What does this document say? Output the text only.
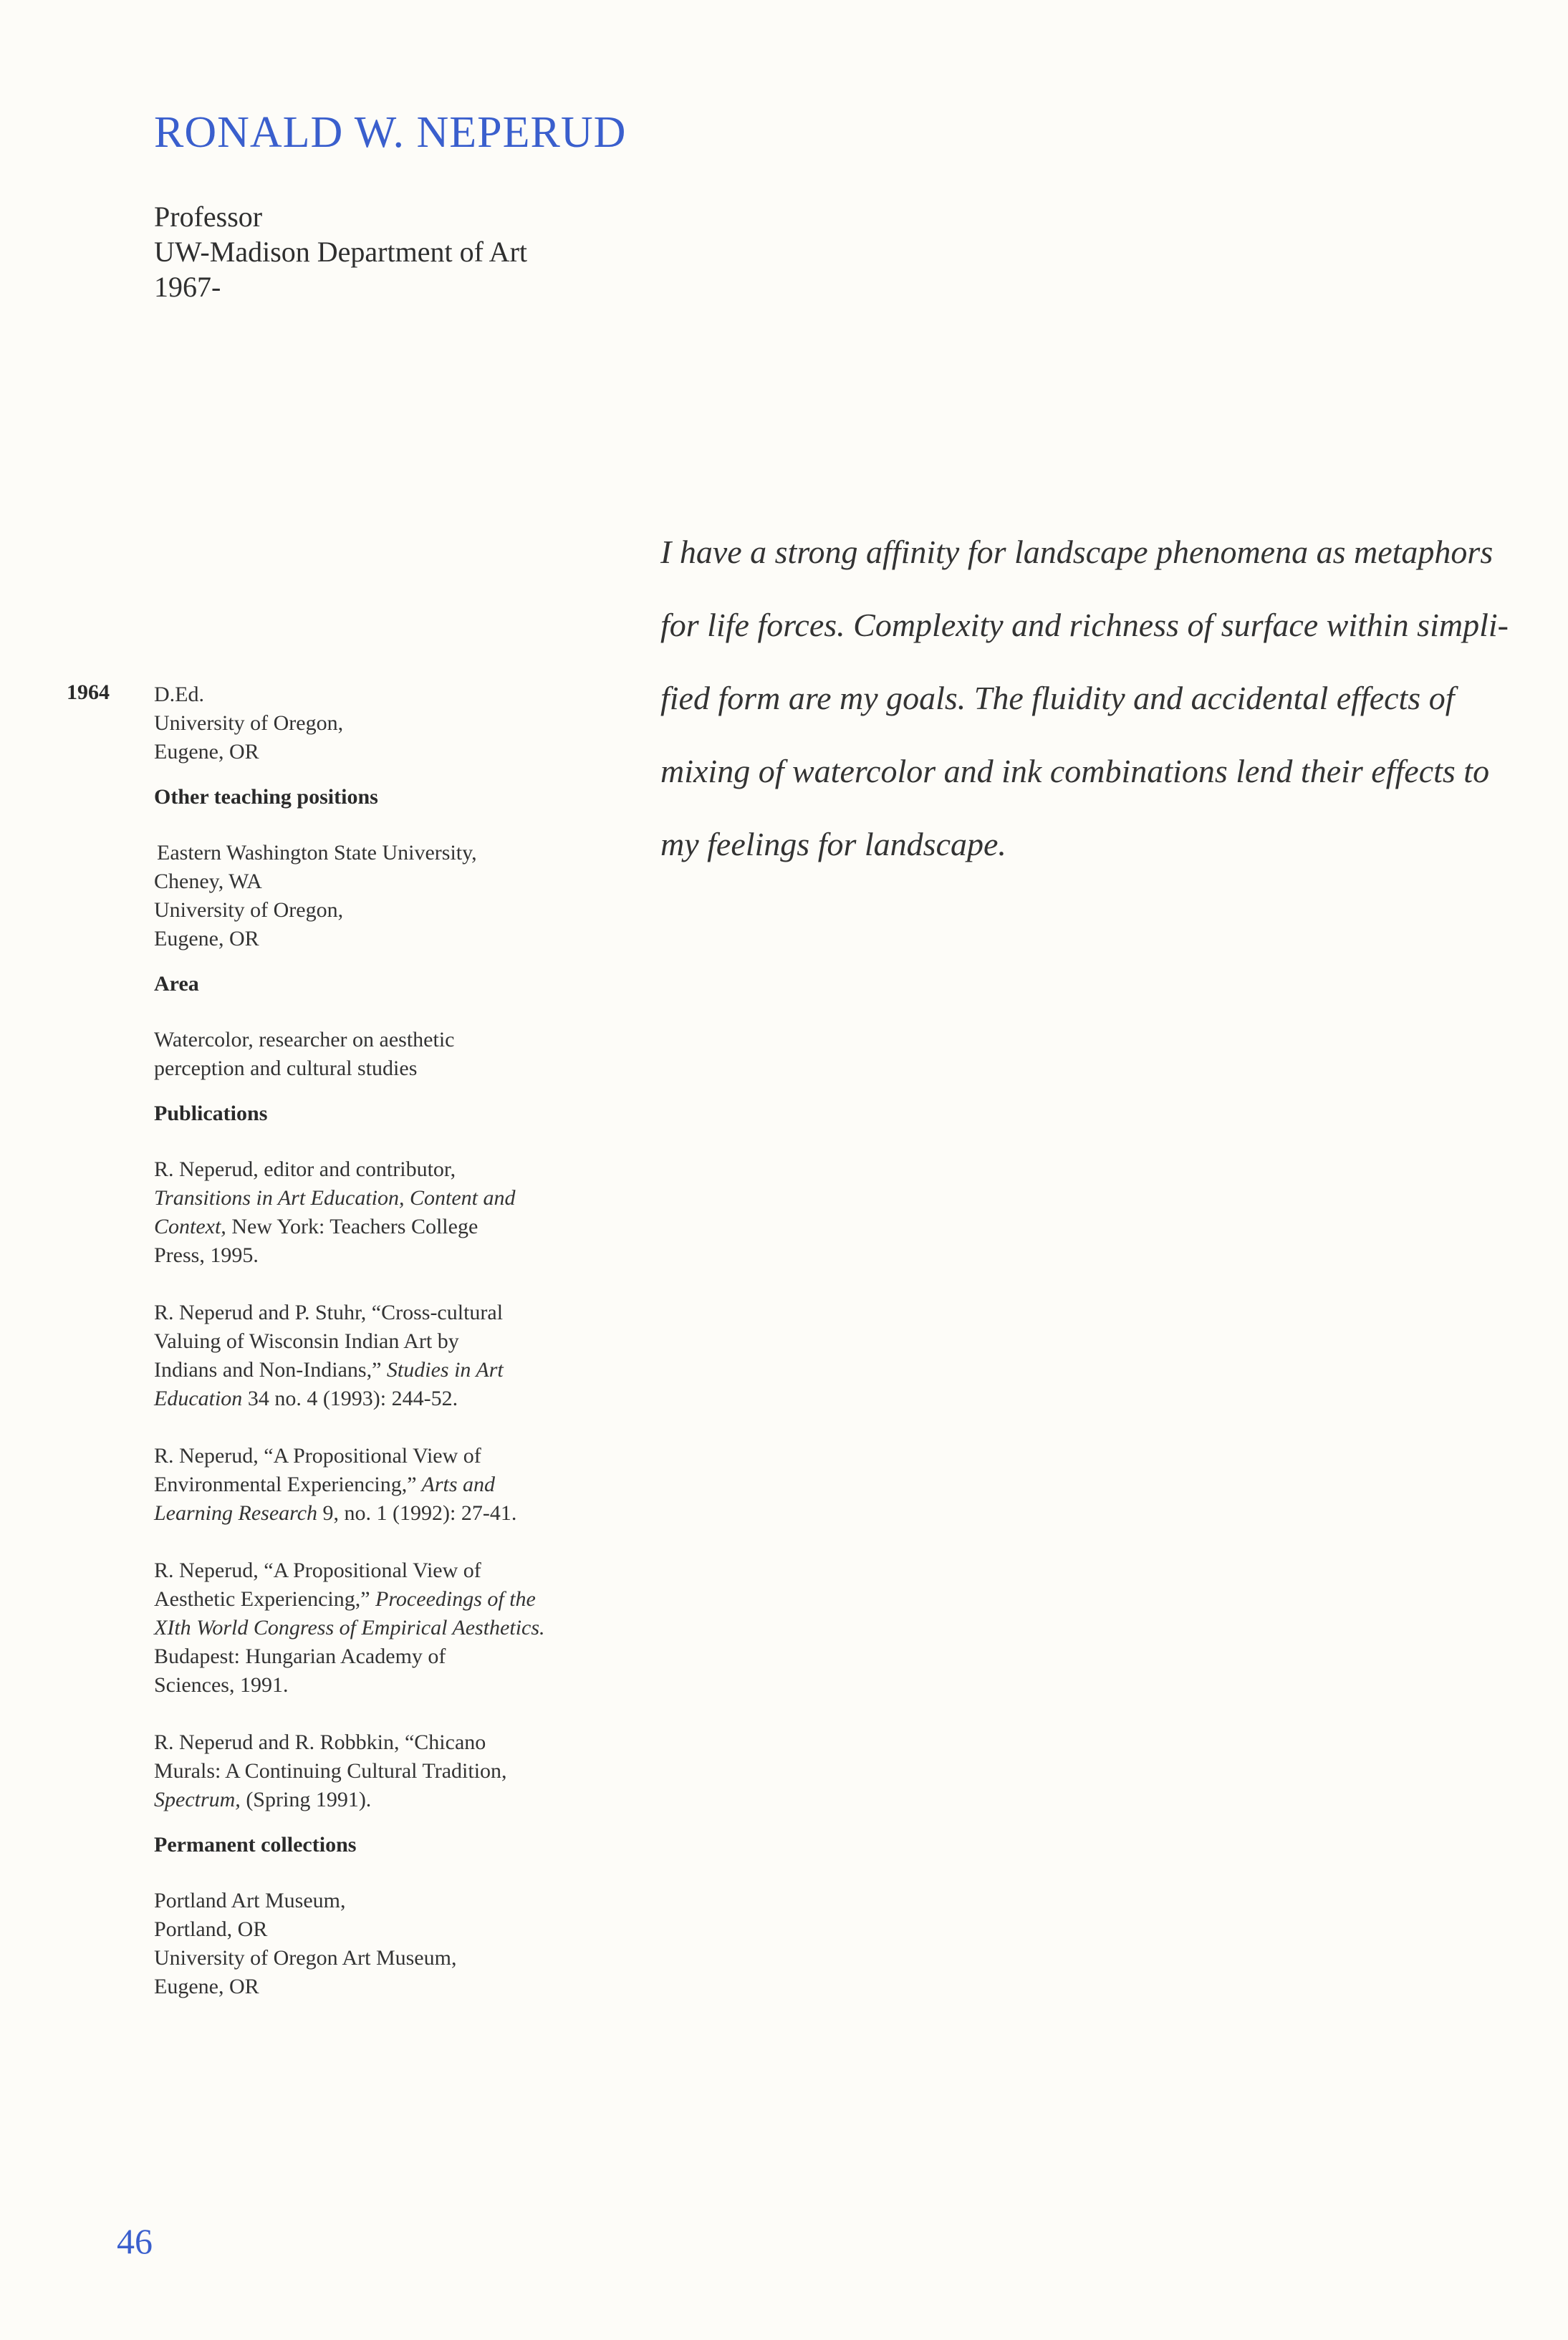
RONALD W. NEPERUD
Professor
UW-Madison Department of Art
1967-
I have a strong affinity for landscape phenomena as metaphors
for life forces. Complexity and richness of surface within simpli-
fied form are my goals. The fluidity and accidental effects of
mixing of watercolor and ink combinations lend their effects to
my feelings for landscape.
1964 D.Ed.
University of Oregon,
Eugene, OR
Other teaching positions
Eastern Washington State University,
Cheney, WA
University of Oregon,
Eugene, OR
Area
Watercolor, researcher on aesthetic
perception and cultural studies
Publications
R. Neperud, editor and contributor,
Transitions in Art Education, Content and
Context, New York: Teachers College
Press, 1995.
R. Neperud and P. Stuhr, “Cross-cultural
Valuing of Wisconsin Indian Art by
Indians and Non-Indians,” Studies in Art
Education 34 no. 4 (1993): 244-52.
R. Neperud, “A Propositional View of
Environmental Experiencing,” Arts and
Learning Research 9, no. 1 (1992): 27-41.
R. Neperud, “A Propositional View of
Aesthetic Experiencing,” Proceedings of the
XIth World Congress of Empirical Aesthetics.
Budapest: Hungarian Academy of
Sciences, 1991.
R. Neperud and R. Robbkin, “Chicano
Murals: A Continuing Cultural Tradition,
Spectrum, (Spring 1991).
Permanent collections
Portland Art Museum,
Portland, OR
University of Oregon Art Museum,
Eugene, OR
46
